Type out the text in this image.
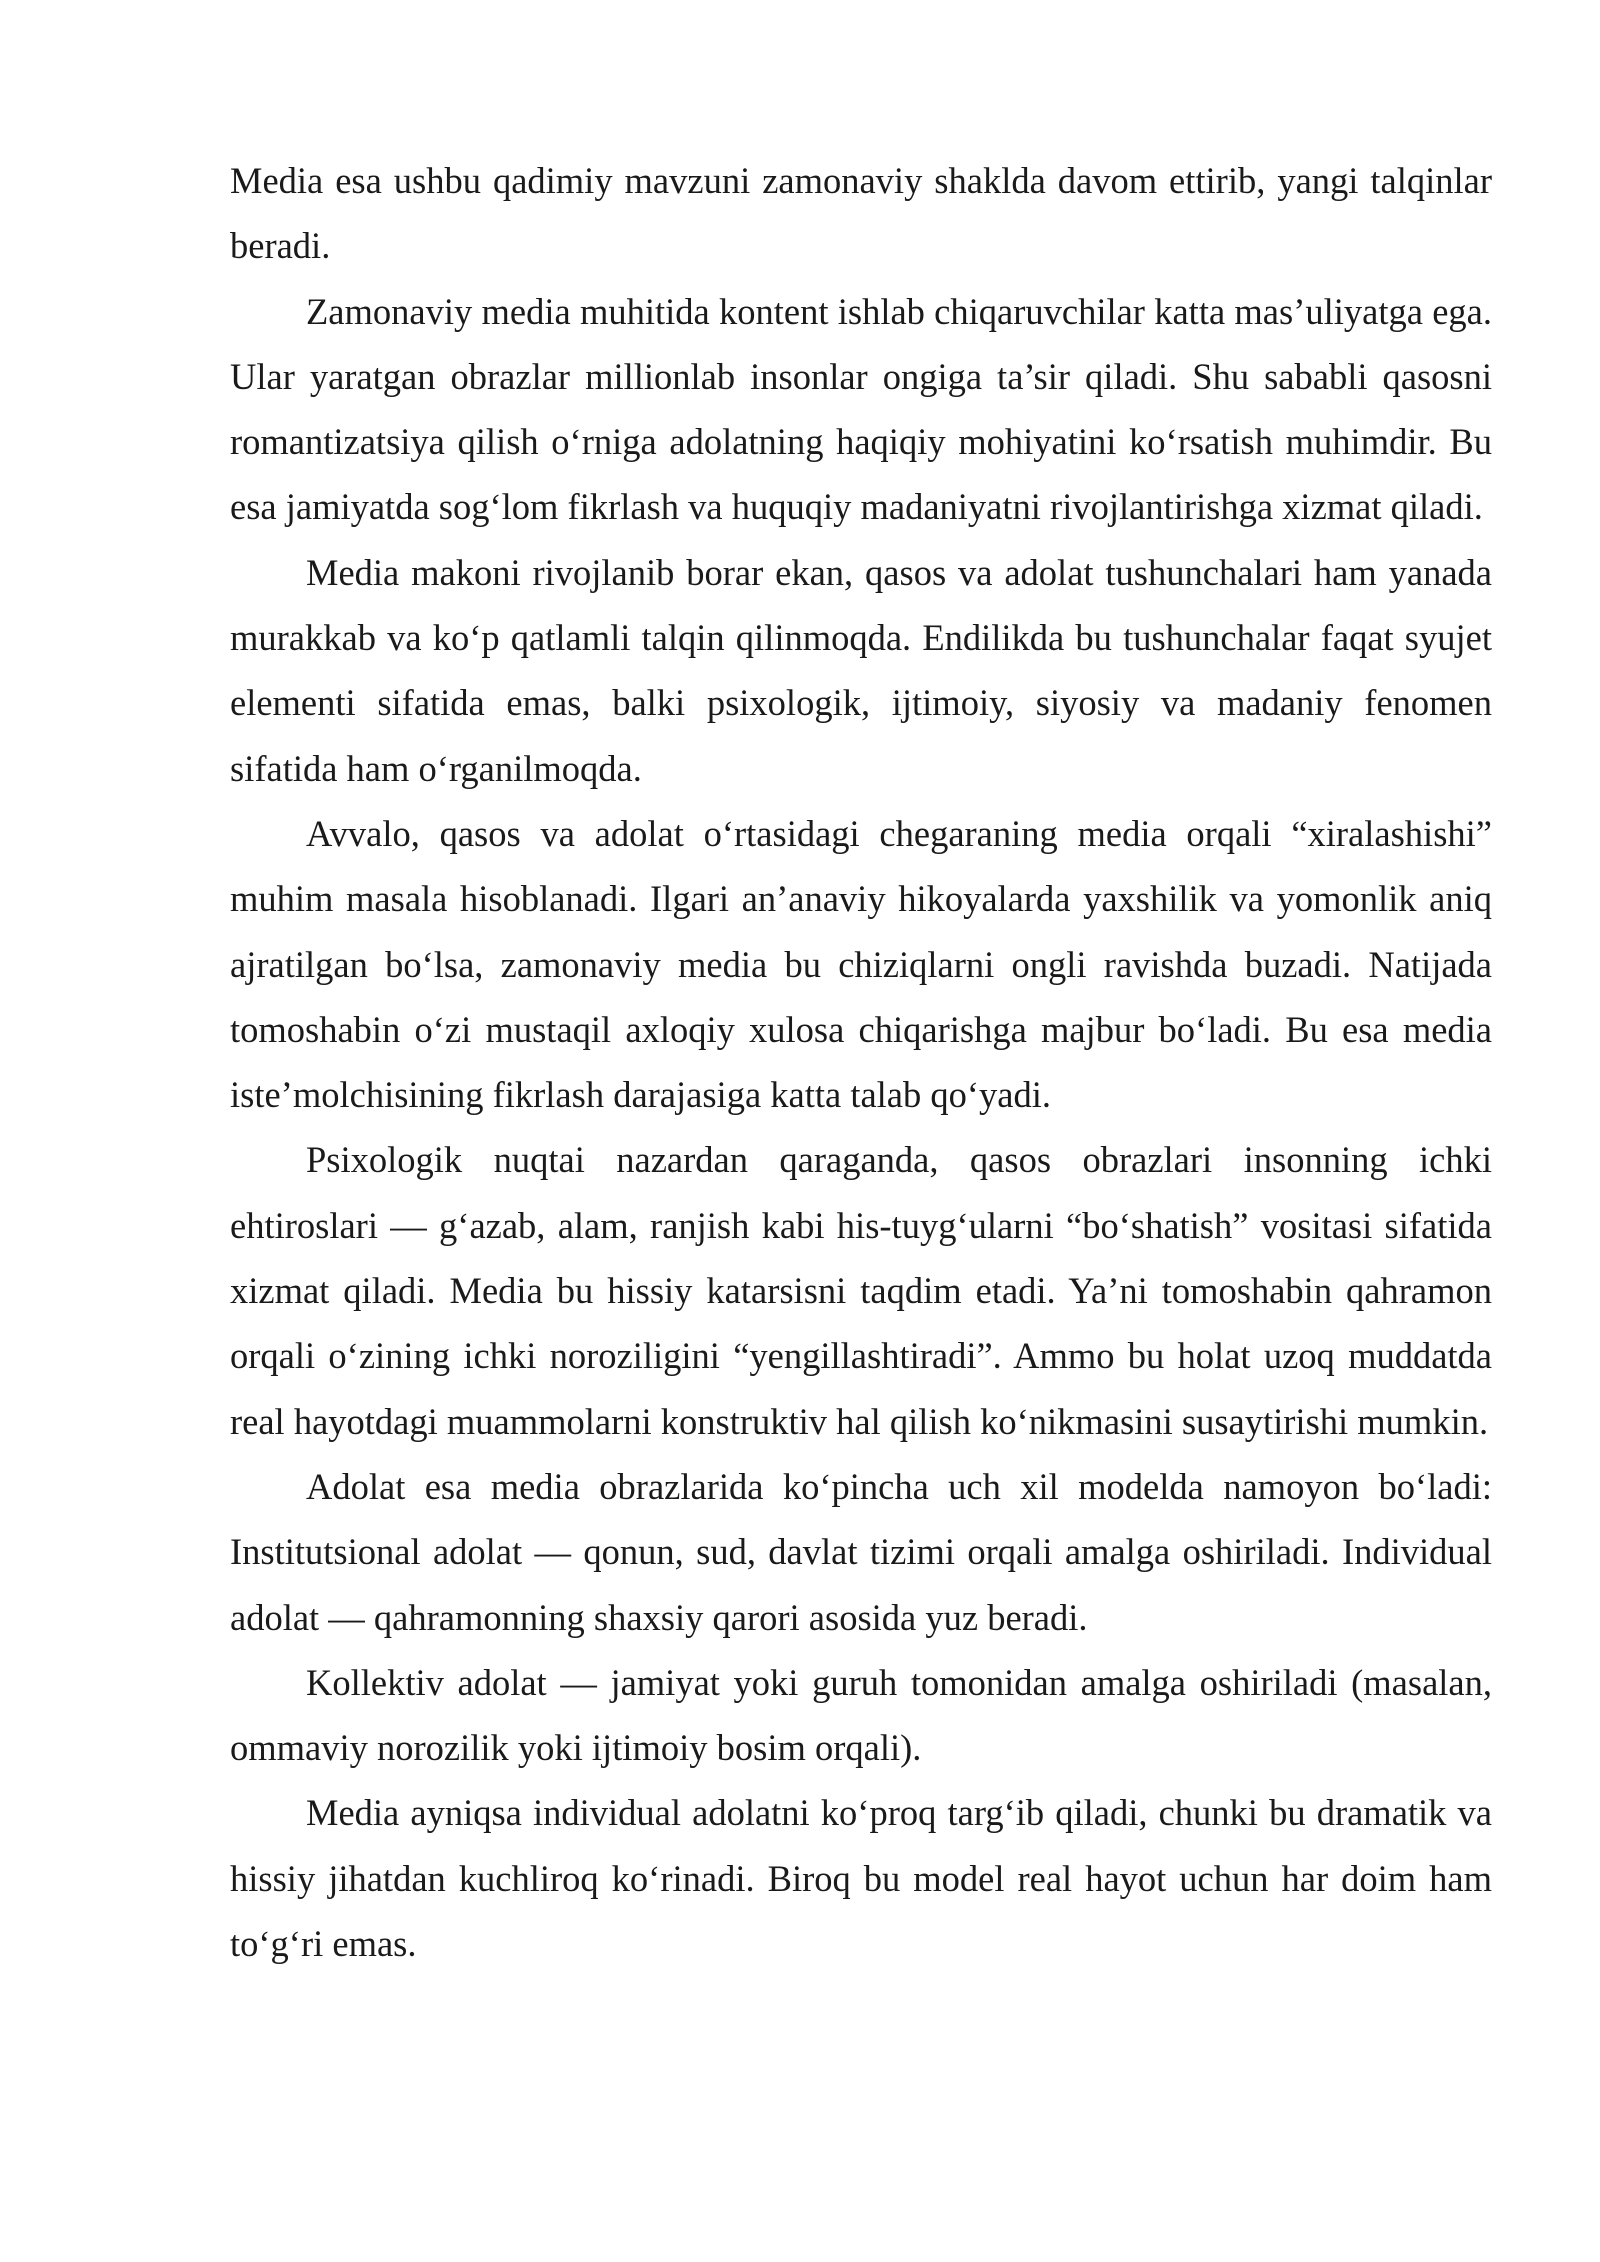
Media esa ushbu qadimiy mavzuni zamonaviy shaklda davom ettirib, yangi talqinlar beradi.

Zamonaviy media muhitida kontent ishlab chiqaruvchilar katta mas’uliyatga ega. Ular yaratgan obrazlar millionlab insonlar ongiga ta’sir qiladi. Shu sababli qasosni romantizatsiya qilish o‘rniga adolatning haqiqiy mohiyatini ko‘rsatish muhimdir. Bu esa jamiyatda sog‘lom fikrlash va huquqiy madaniyatni rivojlantirishga xizmat qiladi.

Media makoni rivojlanib borar ekan, qasos va adolat tushunchalari ham yanada murakkab va ko‘p qatlamli talqin qilinmoqda. Endilikda bu tushunchalar faqat syujet elementi sifatida emas, balki psixologik, ijtimoiy, siyosiy va madaniy fenomen sifatida ham o‘rganilmoqda.

Avvalo, qasos va adolat o‘rtasidagi chegaraning media orqali “xiralashishi” muhim masala hisoblanadi. Ilgari an’anaviy hikoyalarda yaxshilik va yomonlik aniq ajratilgan bo‘lsa, zamonaviy media bu chiziqlarni ongli ravishda buzadi. Natijada tomoshabin o‘zi mustaqil axloqiy xulosa chiqarishga majbur bo‘ladi. Bu esa media iste’molchisining fikrlash darajasiga katta talab qo‘yadi.

Psixologik nuqtai nazardan qaraganda, qasos obrazlari insonning ichki ehtiroslari — g‘azab, alam, ranjish kabi his-tuyg‘ularni “bo‘shatish” vositasi sifatida xizmat qiladi. Media bu hissiy katarsisni taqdim etadi. Ya’ni tomoshabin qahramon orqali o‘zining ichki noroziligini “yengillashtiradi”. Ammo bu holat uzoq muddatda real hayotdagi muammolarni konstruktiv hal qilish ko‘nikmasini susaytirishi mumkin.

Adolat esa media obrazlarida ko‘pincha uch xil modelda namoyon bo‘ladi: Institutsional adolat — qonun, sud, davlat tizimi orqali amalga oshiriladi. Individual adolat — qahramonning shaxsiy qarori asosida yuz beradi.

Kollektiv adolat — jamiyat yoki guruh tomonidan amalga oshiriladi (masalan, ommaviy norozilik yoki ijtimoiy bosim orqali).

Media ayniqsa individual adolatni ko‘proq targ‘ib qiladi, chunki bu dramatik va hissiy jihatdan kuchliroq ko‘rinadi. Biroq bu model real hayot uchun har doim ham to‘g‘ri emas.
